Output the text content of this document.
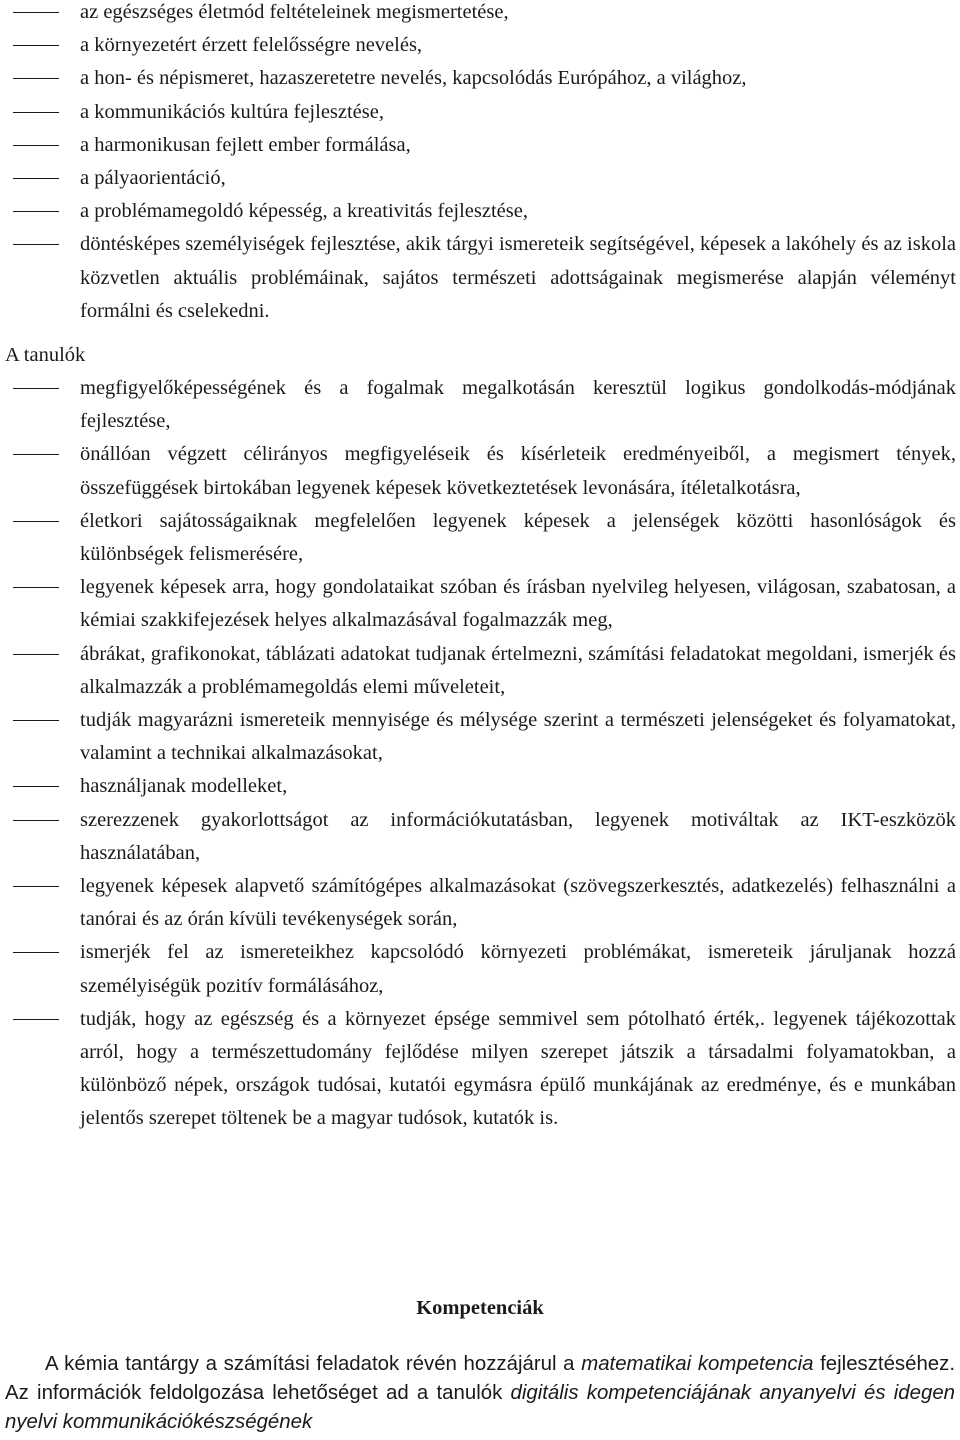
az egészséges életmód feltételeinek megismertetése,
a környezetért érzett felelősségre nevelés,
a hon- és népismeret, hazaszeretetre nevelés, kapcsolódás Európához, a világhoz,
a kommunikációs kultúra fejlesztése,
a harmonikusan fejlett ember formálása,
a pályaorientáció,
a problémamegoldó képesség, a kreativitás fejlesztése,
döntésképes személyiségek fejlesztése, akik tárgyi ismereteik segítségével, képesek a lakóhely és az iskola közvetlen aktuális problémáinak, sajátos természeti adottságainak megismerése alapján véleményt formálni és cselekedni.
A tanulók
megfigyelőképességének és a fogalmak megalkotásán keresztül logikus gondolkodás-módjának fejlesztése,
önállóan végzett célirányos megfigyeléseik és kísérleteik eredményeiből, a megismert tények, összefüggések birtokában legyenek képesek következtetések levonására, ítéletalkotásra,
életkori sajátosságaiknak megfelelően legyenek képesek a jelenségek közötti hasonlóságok és különbségek felismerésére,
legyenek képesek arra, hogy gondolataikat szóban és írásban nyelvileg helyesen, világosan, szabatosan, a kémiai szakkifejezések helyes alkalmazásával fogalmazzák meg,
ábrákat, grafikonokat, táblázati adatokat tudjanak értelmezni, számítási feladatokat megoldani, ismerjék és alkalmazzák a problémamegoldás elemi műveleteit,
tudják magyarázni ismereteik mennyisége és mélysége szerint a természeti jelenségeket és folyamatokat, valamint a technikai alkalmazásokat,
használjanak modelleket,
szerezzenek gyakorlottságot az információkutatásban, legyenek motiváltak az IKT-eszközök használatában,
legyenek képesek alapvető számítógépes alkalmazásokat (szövegszerkesztés, adatkezelés) felhasználni a tanórai és az órán kívüli tevékenységek során,
ismerjék fel az ismereteikhez kapcsolódó környezeti problémákat, ismereteik járuljanak hozzá személyiségük pozitív formálásához,
tudják, hogy az egészség és a környezet épsége semmivel sem pótolható érték,. legyenek tájékozottak arról, hogy a természettudomány fejlődése milyen szerepet játszik a társadalmi folyamatokban, a különböző népek, országok tudósai, kutatói egymásra épülő munkájának az eredménye, és e munkában jelentős szerepet töltenek be a magyar tudósok, kutatók is.
Kompetenciák
A kémia tantárgy a számítási feladatok révén hozzájárul a matematikai kompetencia fejlesztéséhez. Az információk feldolgozása lehetőséget ad a tanulók digitális kompetenciájának anyanyelvi és idegen nyelvi kommunikációkészségének
